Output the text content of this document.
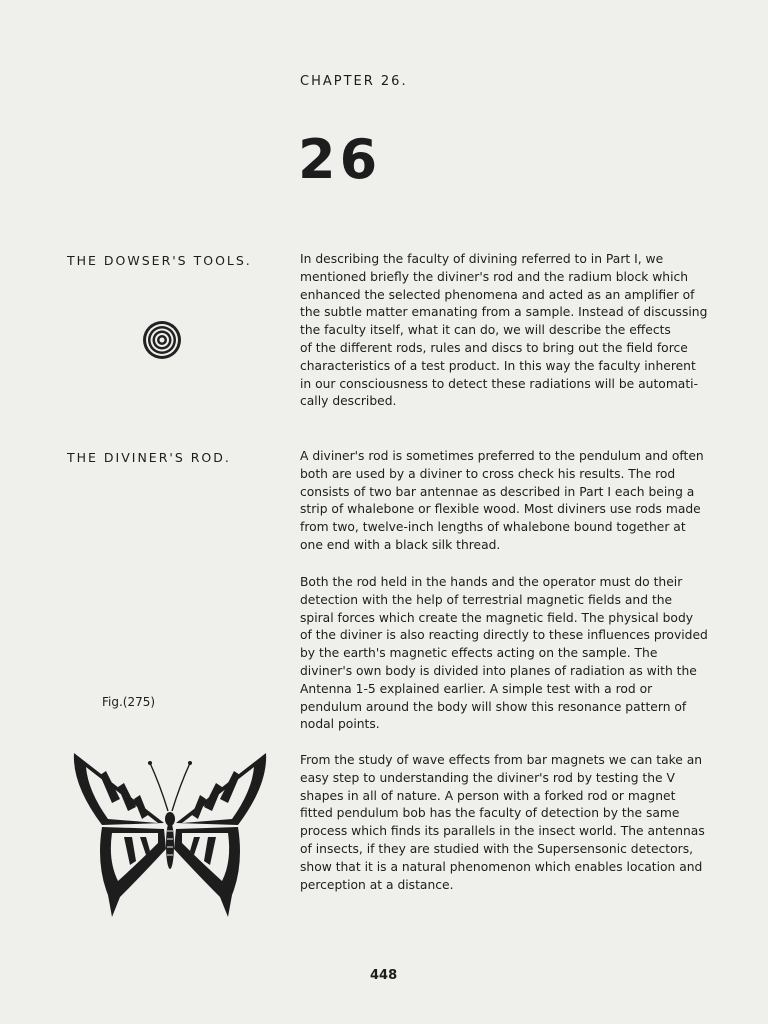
CHAPTER 26.
26
THE DOWSER'S TOOLS.	In describing the faculty of divining referred to in Part I, we
mentioned briefly the diviner's rod and the radium block which
enhanced the selected phenomena and acted as an amplifier of
the subtle matter emanating from a sample. Instead of discussing
the faculty itself, what it can do, we will describe the effects
of the different rods, rules and discs to bring out the field force
characteristics of a test product. In this way the faculty inherent
in our consciousness to detect these radiations will be automati-
cally described.

THE DIVINER'S ROD.	A diviner's rod is sometimes preferred to the pendulum and often
both are used by a diviner to cross check his results. The rod
consists of two bar antennae as described in Part I each being a
strip of whalebone or flexible wood. Most diviners use rods made
from two, twelve-inch lengths of whalebone bound together at
one end with a black silk thread.

Both the rod held in the hands and the operator must do their
detection with the help of terrestrial magnetic fields and the
spiral forces which create the magnetic field. The physical body
of the diviner is also reacting directly to these influences provided
by the earth's magnetic effects acting on the sample. The
diviner's own body is divided into planes of radiation as with the
Antenna 1-5 explained earlier. A simple test with a rod or
pendulum around the body will show this resonance pattern of
nodal points.

From the study of wave effects from bar magnets we can take an
easy step to understanding the diviner's rod by testing the V
shapes in all of nature. A person with a forked rod or magnet
fitted pendulum bob has the faculty of detection by the same
process which finds its parallels in the insect world. The antennas
of insects, if they are studied with the Supersensonic detectors,
show that it is a natural phenomenon which enables location and
perception at a distance.

Fig.(275)
448
